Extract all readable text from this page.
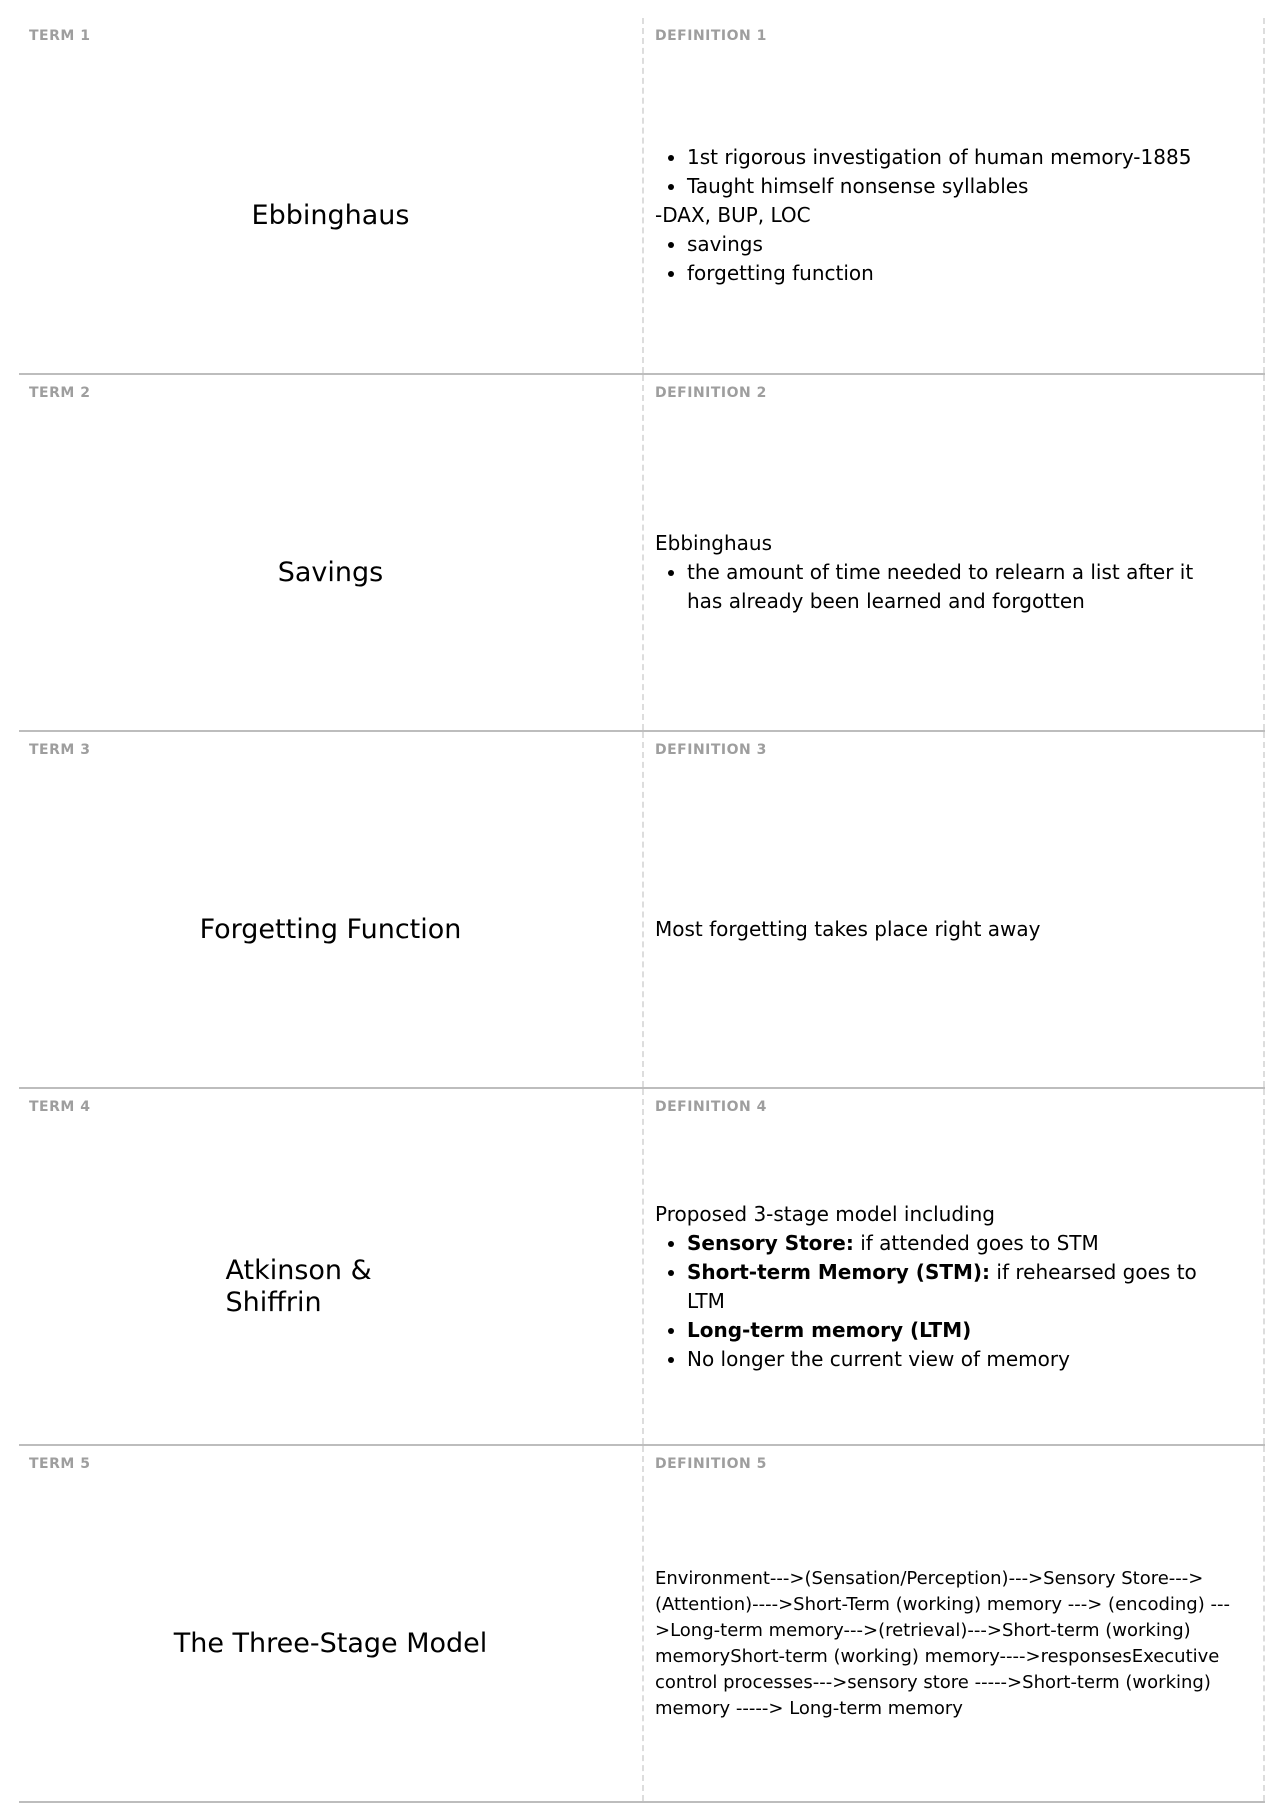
TERM 1
Ebbinghaus
DEFINITION 1
• 1st rigorous investigation of human memory-1885
• Taught himself nonsense syllables
-DAX, BUP, LOC
• savings
• forgetting function
TERM 2
Savings
DEFINITION 2
Ebbinghaus
• the amount of time needed to relearn a list after it has already been learned and forgotten
TERM 3
Forgetting Function
DEFINITION 3
Most forgetting takes place right away
TERM 4
Atkinson & Shiffrin
DEFINITION 4
Proposed 3-stage model including
• Sensory Store: if attended goes to STM
• Short-term Memory (STM): if rehearsed goes to LTM
• Long-term memory (LTM)
• No longer the current view of memory
TERM 5
The Three-Stage Model
DEFINITION 5
Environment--->(Sensation/Perception)--->Sensory Store--->(Attention)---->Short-Term (working) memory ---> (encoding) --->Long-term memory--->(retrieval)--->Short-term (working) memoryShort-term (working) memory---->responsesExecutive control processes--->sensory store ----->Short-term (working) memory -----> Long-term memory
